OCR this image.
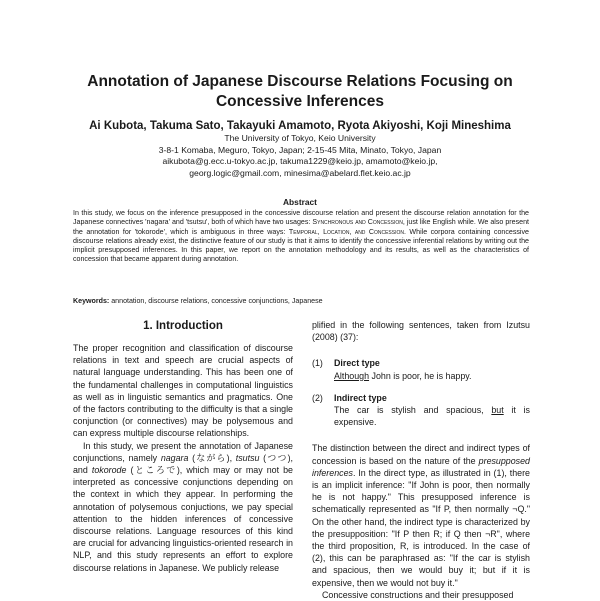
Annotation of Japanese Discourse Relations Focusing on
Concessive Inferences
Ai Kubota, Takuma Sato, Takayuki Amamoto, Ryota Akiyoshi, Koji Mineshima
The University of Tokyo, Keio University
3-8-1 Komaba, Meguro, Tokyo, Japan; 2-15-45 Mita, Minato, Tokyo, Japan
aikubota@g.ecc.u-tokyo.ac.jp, takuma1229@keio.jp, amamoto@keio.jp,
georg.logic@gmail.com, minesima@abelard.flet.keio.ac.jp
Abstract
In this study, we focus on the inference presupposed in the concessive discourse relation and present the discourse relation annotation for the Japanese connectives 'nagara' and 'tsutsu', both of which have two usages: Synchronous and Concession, just like English while. We also present the annotation for 'tokorode', which is ambiguous in three ways: Temporal, Location, and Concession. While corpora containing concessive discourse relations already exist, the distinctive feature of our study is that it aims to identify the concessive inferential relations by writing out the implicit presupposed inferences. In this paper, we report on the annotation methodology and its results, as well as the characteristics of concession that became apparent during annotation.
Keywords: annotation, discourse relations, concessive conjunctions, Japanese
1. Introduction

The proper recognition and classification of discourse relations in text and speech are crucial aspects of natural language understanding. This has been one of the fundamental challenges in computational linguistics as well as in linguistic semantics and pragmatics. One of the factors contributing to the difficulty is that a single conjunction (or connectives) may be polysemous and can express multiple discourse relationships.

In this study, we present the annotation of Japanese conjunctions, namely nagara (ながら), tsutsu (つつ), and tokorode (ところで), which may or may not be interpreted as concessive conjunctions depending on the context in which they appear. In performing the annotation of polysemous conjuctions, we pay special attention to the hidden inferences of concessive discourse relations. Language resources of this kind are crucial for advancing linguistics-oriented research in NLP, and this study represents an effort to explore discourse relations in Japanese. We publicly release

plified in the following sentences, taken from Izutsu (2008) (37):

(1)	Direct type
Although John is poor, he is happy.
(2)	Indirect type
The car is stylish and spacious, but it is expensive.

The distinction between the direct and indirect types of concession is based on the nature of the presupposed inferences. In the direct type, as illustrated in (1), there is an implicit inference: "If John is poor, then normally he is not happy." This presupposed inference is schematically represented as "If P, then normally ¬Q." On the other hand, the indirect type is characterized by the presupposition: "If P then R; if Q then ¬R", where the third proposition, R, is introduced. In the case of (2), this can be paraphrased as: "If the car is stylish and spacious, then we would buy it; but if it is expensive, then we would not buy it."

Concessive constructions and their presupposed
